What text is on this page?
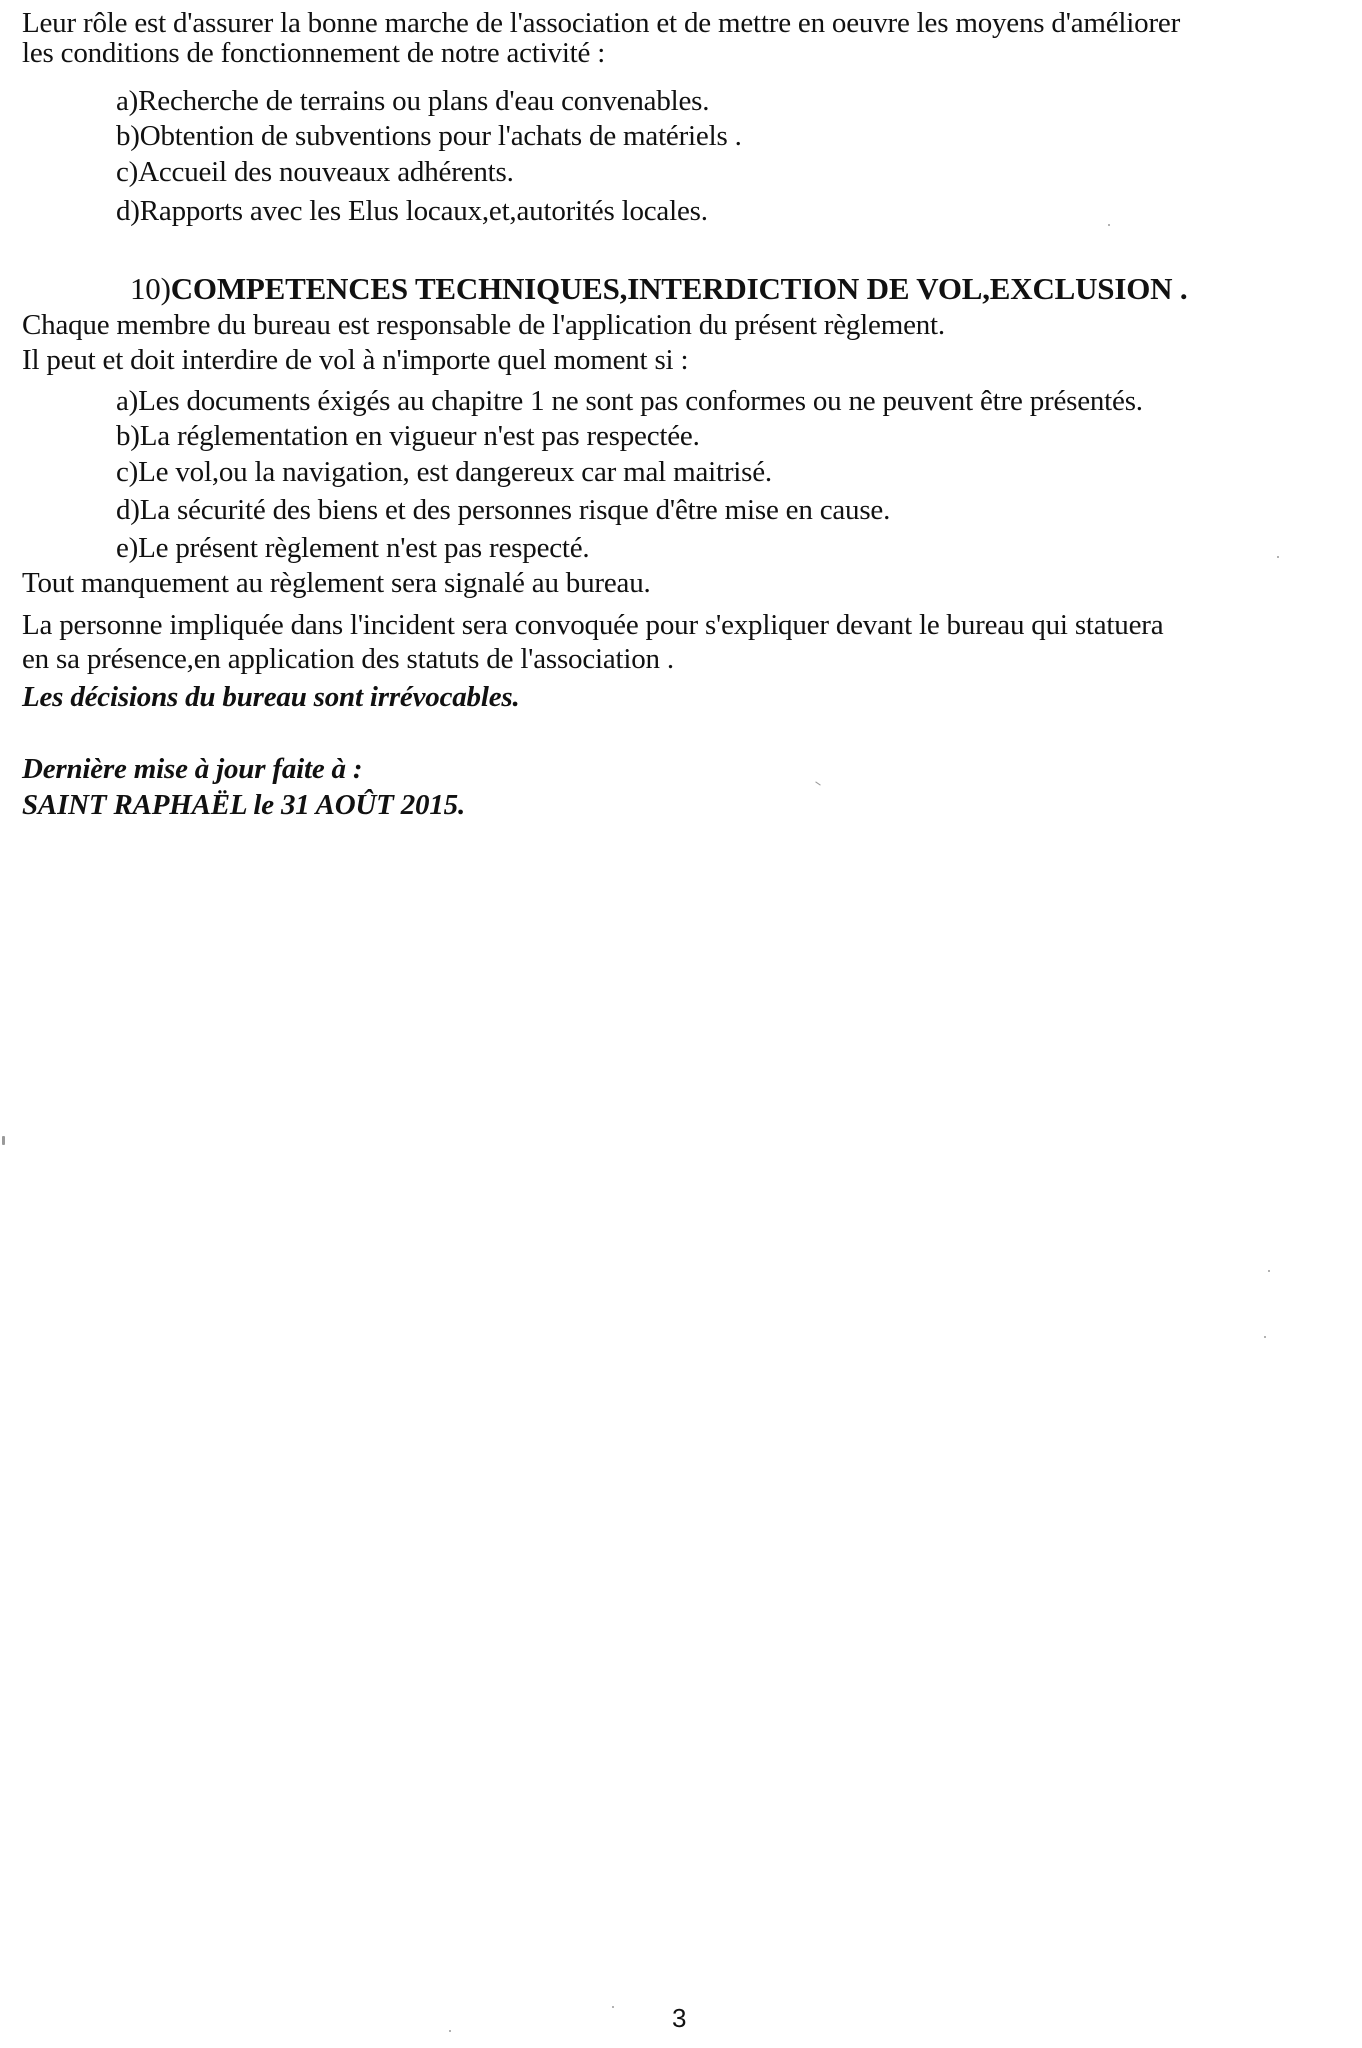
Leur rôle est d'assurer la bonne marche de l'association et de mettre en oeuvre les moyens d'améliorer
les conditions de fonctionnement de notre activité :
a)Recherche de terrains ou plans d'eau convenables.
b)Obtention de subventions pour l'achats de matériels .
c)Accueil des nouveaux adhérents.
d)Rapports avec les Elus locaux,et,autorités locales.
10)COMPETENCES TECHNIQUES,INTERDICTION DE VOL,EXCLUSION .
Chaque membre du bureau est responsable de l'application du présent règlement.
Il peut et doit interdire de vol à n'importe quel moment si :
a)Les documents éxigés au chapitre 1 ne sont pas conformes ou ne peuvent être présentés.
b)La réglementation en vigueur n'est pas respectée.
c)Le vol,ou la navigation, est dangereux car mal maitrisé.
d)La sécurité des biens et des personnes risque d'être mise en cause.
e)Le présent règlement n'est pas respecté.
Tout manquement au règlement sera signalé au bureau.
La personne impliquée dans l'incident sera convoquée pour s'expliquer devant le bureau qui statuera
en sa présence,en application des statuts de l'association .
Les décisions du bureau sont irrévocables.
Dernière mise à jour faite à :
SAINT RAPHAËL le 31 AOÛT 2015.
3
